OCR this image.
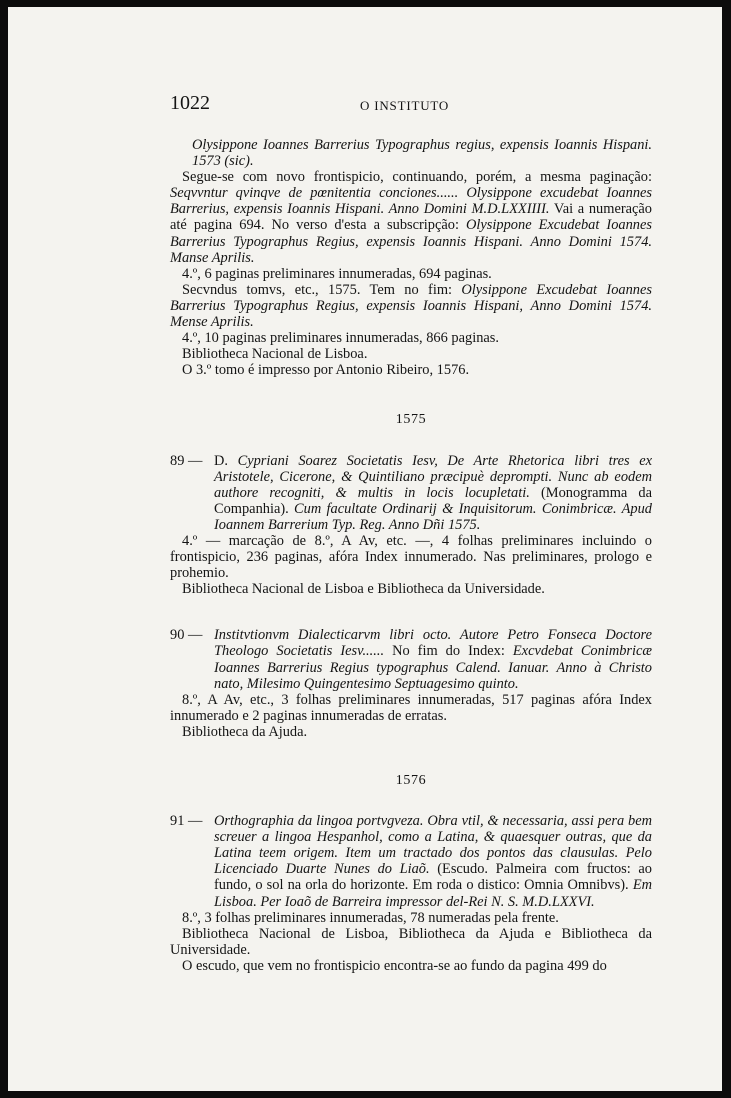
1022	O INSTITUTO

Olysippone Ioannes Barrerius Typographus regius, expensis Ioannis Hispani. 1573 (sic).

Segue-se com novo frontispicio, continuando, porém, a mesma paginação: Seqvvntur qvinqve de pœnitentia conciones...... Olysippone excudebat Ioannes Barrerius, expensis Ioannis Hispani. Anno Domini M.D.LXXIIII. Vai a numeração até pagina 694. No verso d'esta a subscripção: Olysippone Excudebat Ioannes Barrerius Typographus Regius, expensis Ioannis Hispani. Anno Domini 1574. Manse Aprilis.

4.º, 6 paginas preliminares innumeradas, 694 paginas.

Secvndus tomvs, etc., 1575. Tem no fim: Olysippone Excudebat Ioannes Barrerius Typographus Regius, expensis Ioannis Hispani, Anno Domini 1574. Mense Aprilis.

4.º, 10 paginas preliminares innumeradas, 866 paginas.

Bibliotheca Nacional de Lisboa.

O 3.º tomo é impresso por Antonio Ribeiro, 1576.

1575

89 — D. Cypriani Soarez Societatis Iesv, De Arte Rhetorica libri tres ex Aristotele, Cicerone, & Quintiliano præcipuè deprompti. Nunc ab eodem authore recogniti, & multis in locis locupletati. (Monogramma da Companhia). Cum facultate Ordinarij & Inquisitorum. Conimbricæ. Apud Ioannem Barrerium Typ. Reg. Anno Dñi 1575.

4.º — marcação de 8.º, A Av, etc. —, 4 folhas preliminares incluindo o frontispicio, 236 paginas, afóra Index innumerado. Nas preliminares, prologo e prohemio.

Bibliotheca Nacional de Lisboa e Bibliotheca da Universidade.

90 — Institvtionvm Dialecticarvm libri octo. Autore Petro Fonseca Doctore Theologo Societatis Iesv...... No fim do Index: Excvdebat Conimbricæ Ioannes Barrerius Regius typographus Calend. Ianuar. Anno à Christo nato, Milesimo Quingentesimo Septuagesimo quinto.

8.º, A Av, etc., 3 folhas preliminares innumeradas, 517 paginas afóra Index innumerado e 2 paginas innumeradas de erratas.

Bibliotheca da Ajuda.

1576

91 — Orthographia da lingoa portvgveza. Obra vtil, & necessaria, assi pera bem screuer a lingoa Hespanhol, como a Latina, & quaesquer outras, que da Latina teem origem. Item um tractado dos pontos das clausulas. Pelo Licenciado Duarte Nunes do Liaõ. (Escudo. Palmeira com fructos: ao fundo, o sol na orla do horizonte. Em roda o distico: Omnia Omnibvs). Em Lisboa. Per Ioaõ de Barreira impressor del-Rei N. S. M.D.LXXVI.

8.º, 3 folhas preliminares innumeradas, 78 numeradas pela frente.

Bibliotheca Nacional de Lisboa, Bibliotheca da Ajuda e Bibliotheca da Universidade.

O escudo, que vem no frontispicio encontra-se ao fundo da pagina 499 do
